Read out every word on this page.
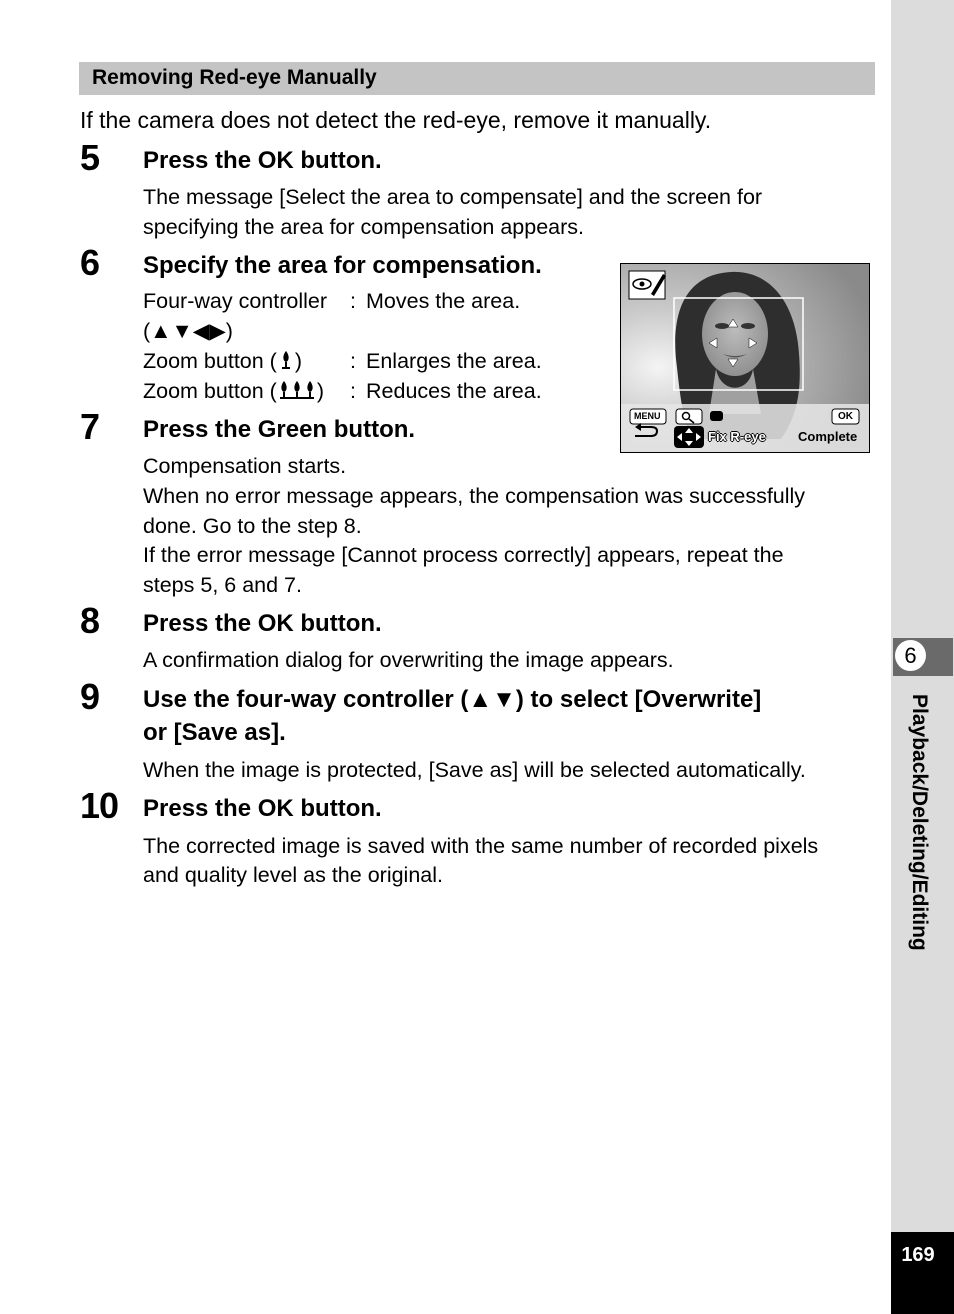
Removing Red-eye Manually
If the camera does not detect the red-eye, remove it manually.
5 Press the OK button.
The message [Select the area to compensate] and the screen for
specifying the area for compensation appears.
6 Specify the area for compensation.
Four-way controller : Moves the area.
(▲▼◀▶)
Zoom button ( ) : Enlarges the area.
Zoom button ( ) : Reduces the area.
MENU	OK
Fix R-eye Complete
7 Press the Green button.
Compensation starts.
When no error message appears, the compensation was successfully
done. Go to the step 8.
If the error message [Cannot process correctly] appears, repeat the
steps 5, 6 and 7.
8 Press the OK button.
A confirmation dialog for overwriting the image appears.
9 Use the four-way controller (▲▼) to select [Overwrite]
or [Save as].
When the image is protected, [Save as] will be selected automatically.
10 Press the OK button.
The corrected image is saved with the same number of recorded pixels
and quality level as the original.
6
Playback/Deleting/Editing
169
